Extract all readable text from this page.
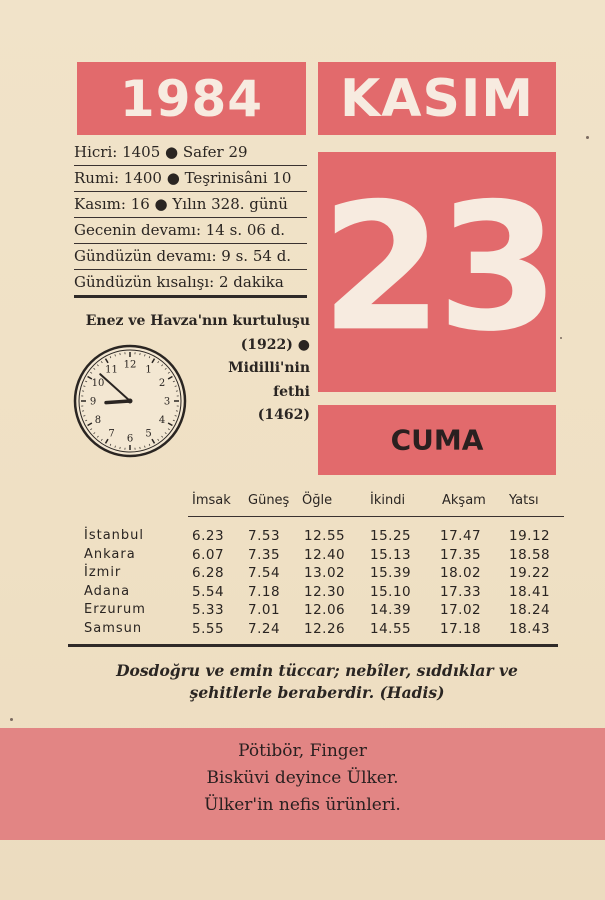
1984	KASIM
23
CUMA
Hicri: 1405 ● Safer 29
Rumi: 1400 ● Teşrinisâni 10
Kasım: 16 ● Yılın 328. günü
Gecenin devamı: 14 s. 06 d.
Gündüzün devamı: 9 s. 54 d.
Gündüzün kısalışı: 2 dakika
Enez ve Havza'nın kurtuluşu
(1922) ●
Midilli'nin
fethi
(1462)
12 1
2
3
4
5
6
7
8
9
10
11
İmsak Güneş Öğle	İkindi	Akşam Yatsı
İstanbul	6.23 7.53 12.55 15.25 17.47 19.12
Ankara	6.07 7.35 12.40 15.13 17.35 18.58
İzmir	6.28 7.54 13.02 15.39 18.02 19.22
Adana	5.54 7.18 12.30 15.10 17.33 18.41
Erzurum	5.33 7.01 12.06 14.39 17.02 18.24
Samsun	5.55 7.24 12.26 14.55 17.18 18.43
Dosdoğru ve emin tüccar; nebîler, sıddıklar ve
şehitlerle beraberdir. (Hadis)
Pötibör, Finger
Bisküvi deyince Ülker.
Ülker'in nefis ürünleri.
